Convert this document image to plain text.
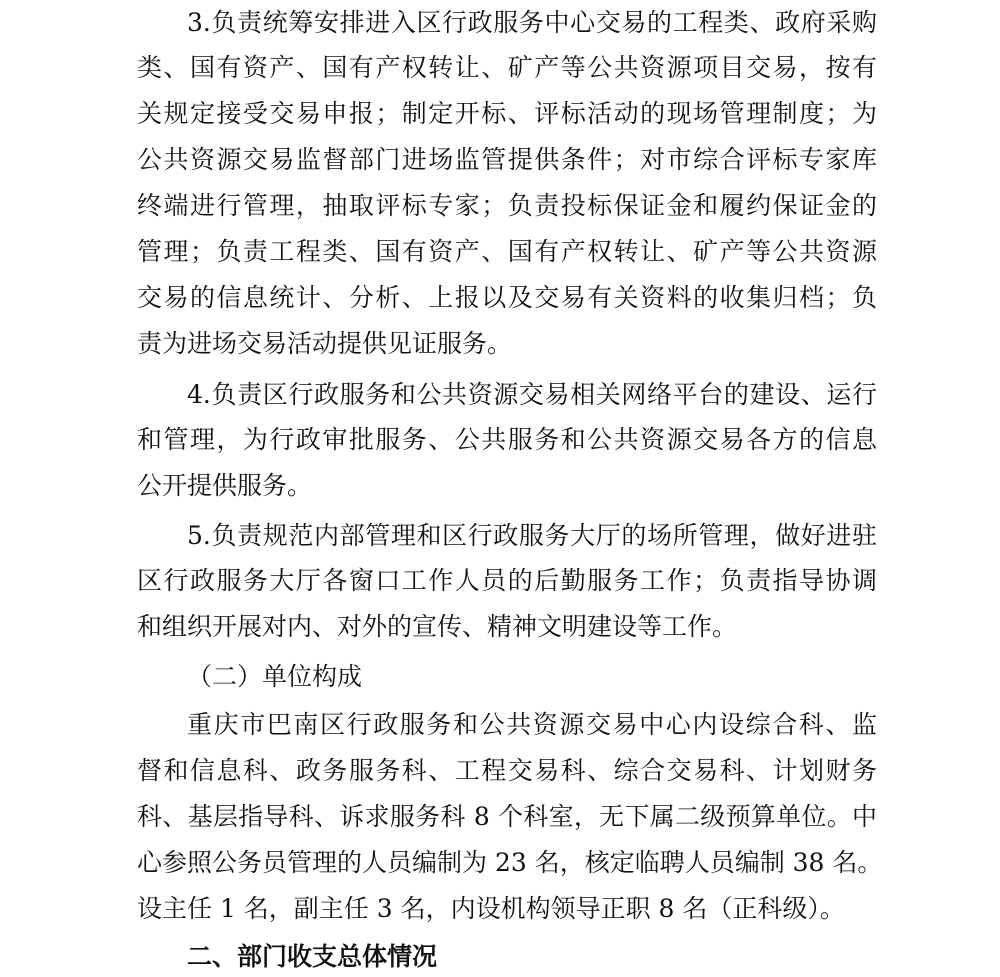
3.负责统筹安排进入区行政服务中心交易的工程类、政府采购
类、国有资产、国有产权转让、矿产等公共资源项目交易，按有
关规定接受交易申报；制定开标、评标活动的现场管理制度；为
公共资源交易监督部门进场监管提供条件；对市综合评标专家库
终端进行管理，抽取评标专家；负责投标保证金和履约保证金的
管理；负责工程类、国有资产、国有产权转让、矿产等公共资源
交易的信息统计、分析、上报以及交易有关资料的收集归档；负
责为进场交易活动提供见证服务。
4.负责区行政服务和公共资源交易相关网络平台的建设、运行
和管理，为行政审批服务、公共服务和公共资源交易各方的信息
公开提供服务。
5.负责规范内部管理和区行政服务大厅的场所管理，做好进驻
区行政服务大厅各窗口工作人员的后勤服务工作；负责指导协调
和组织开展对内、对外的宣传、精神文明建设等工作。
（二）单位构成
重庆市巴南区行政服务和公共资源交易中心内设综合科、监
督和信息科、政务服务科、工程交易科、综合交易科、计划财务
科、基层指导科、诉求服务科 8 个科室，无下属二级预算单位。中
心参照公务员管理的人员编制为 23 名，核定临聘人员编制 38 名。
设主任 1 名，副主任 3 名，内设机构领导正职 8 名（正科级）。
二、部门收支总体情况
